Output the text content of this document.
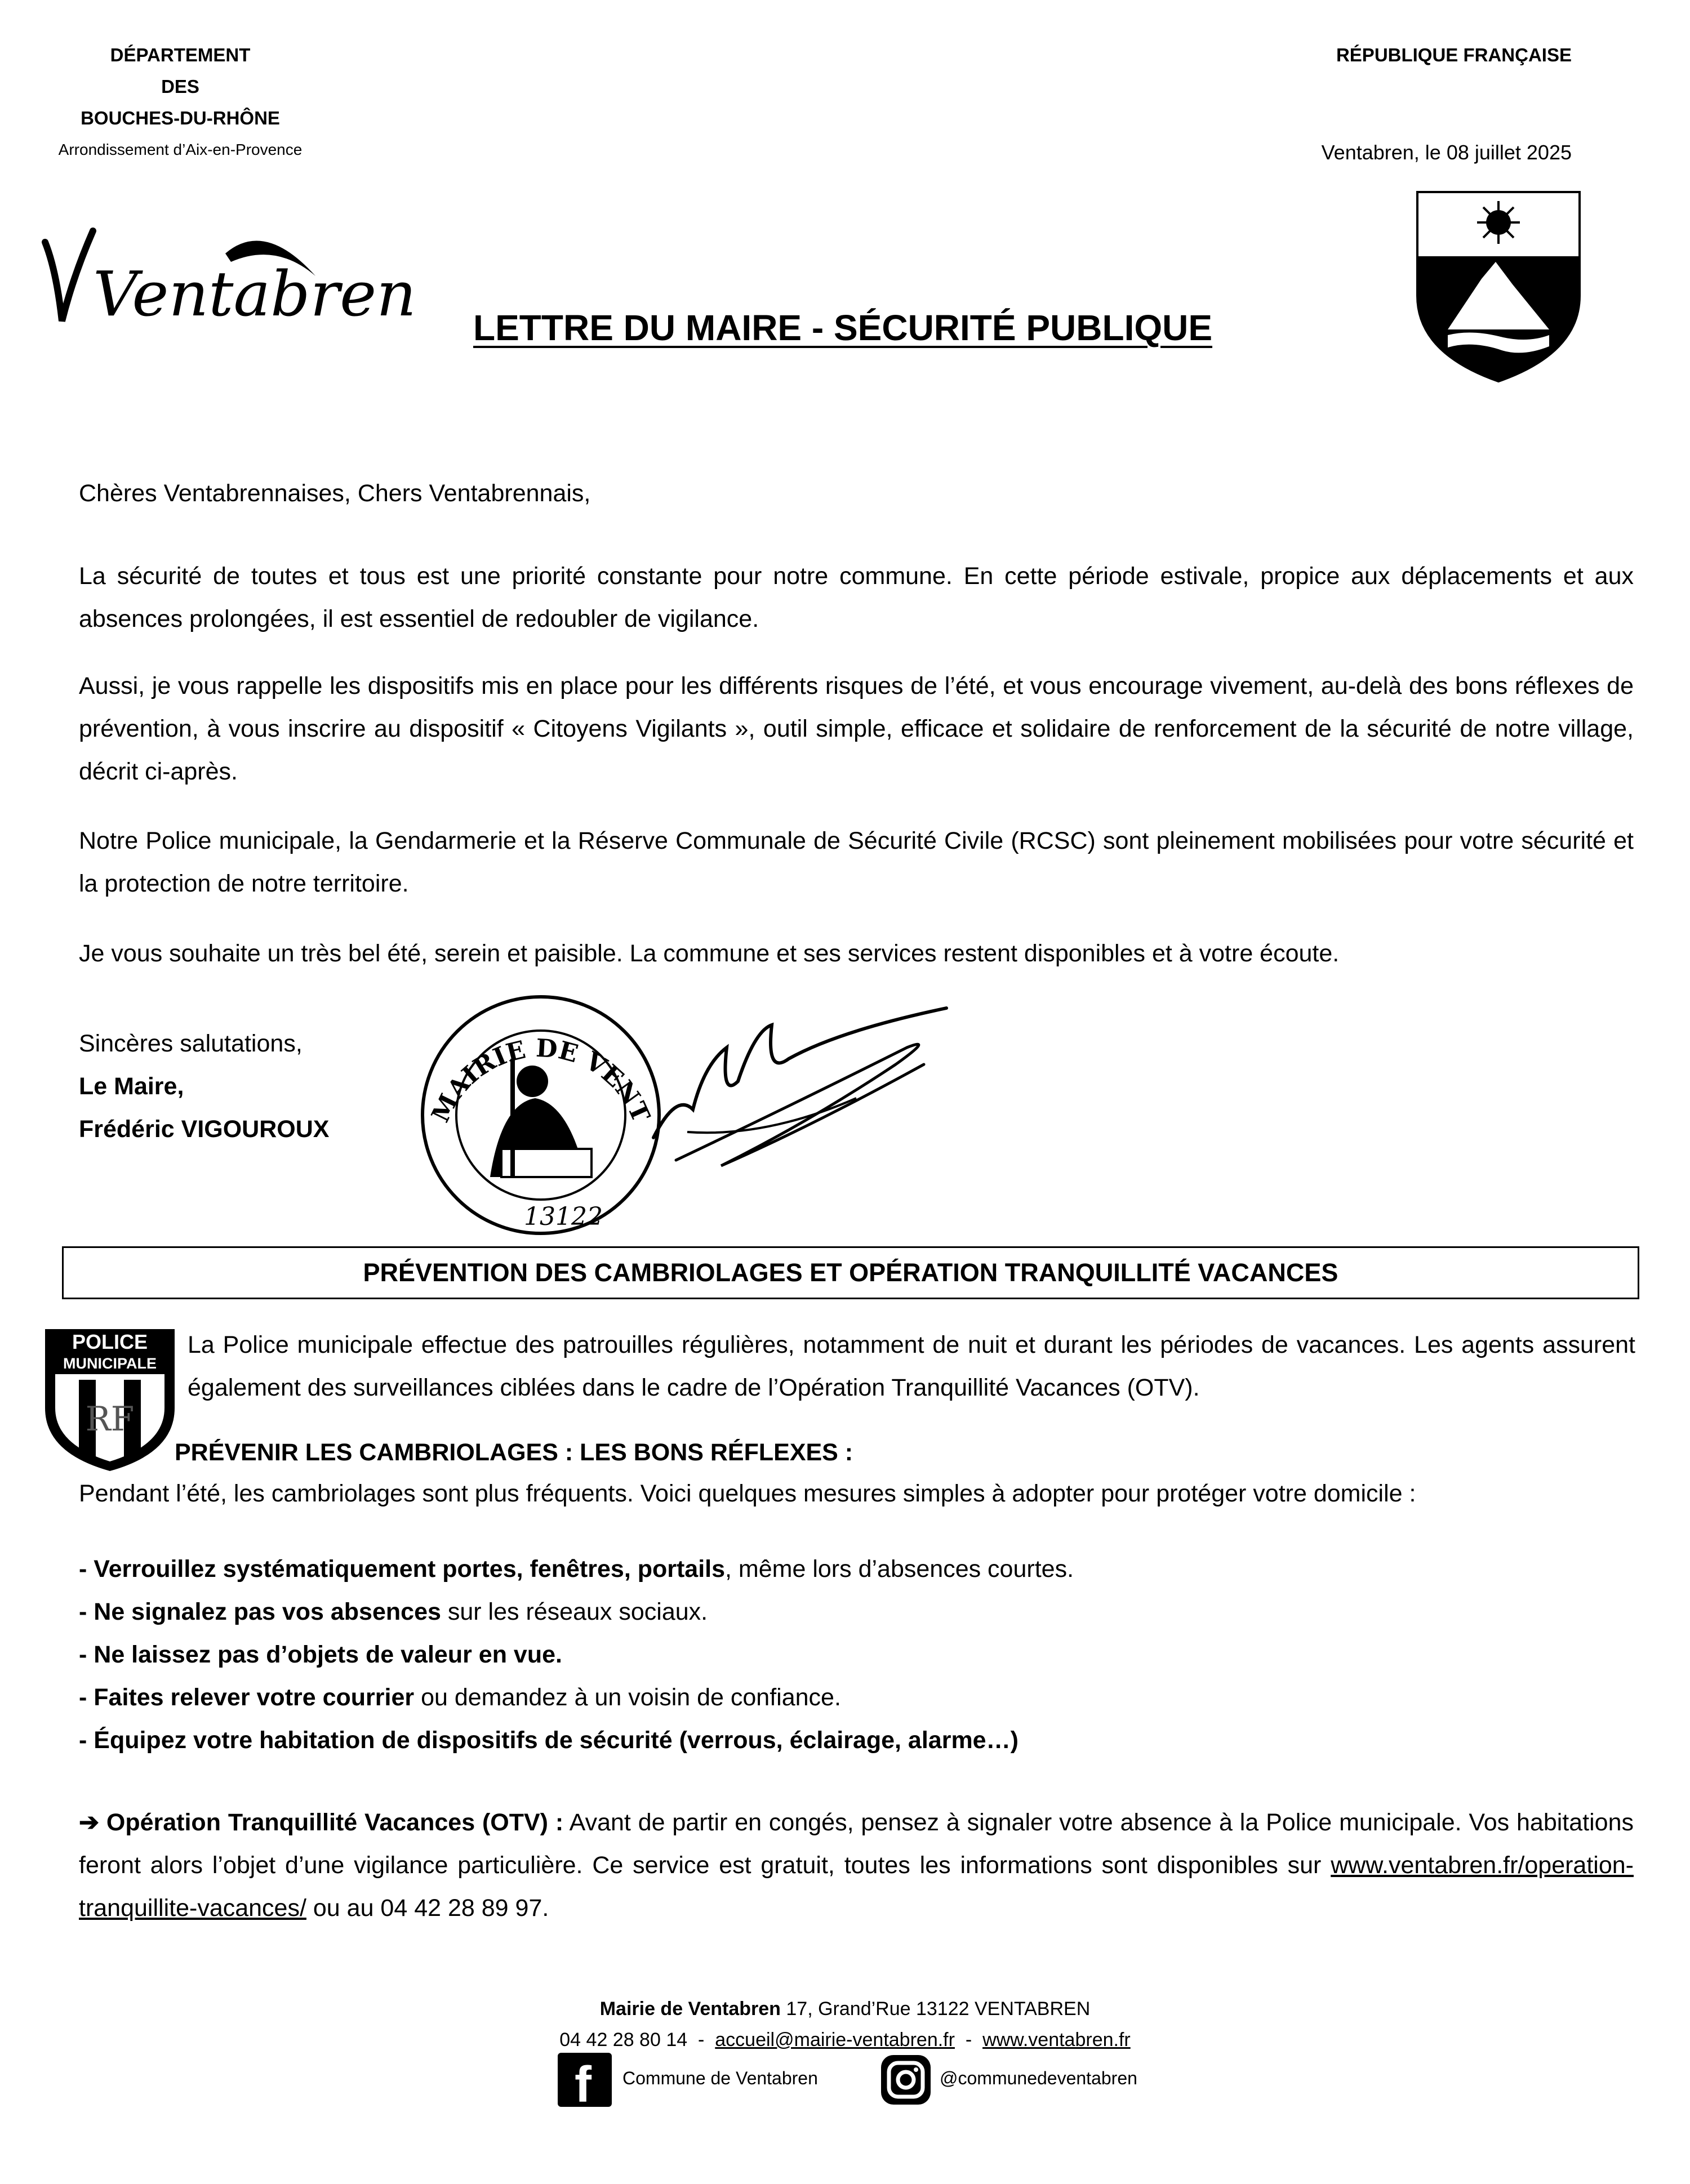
DÉPARTEMENT
DES
BOUCHES-DU-RHÔNE
Arrondissement d’Aix-en-Provence
RÉPUBLIQUE FRANÇAISE
Ventabren, le 08 juillet 2025
Ventabren LETTRE DU MAIRE - SÉCURITÉ PUBLIQUE
Chères Ventabrennaises, Chers Ventabrennais,
La sécurité de toutes et tous est une priorité constante pour notre commune. En cette période estivale, propice aux déplacements et aux absences prolongées, il est essentiel de redoubler de vigilance.
Aussi, je vous rappelle les dispositifs mis en place pour les différents risques de l’été, et vous encourage vivement, au-delà des bons réflexes de prévention, à vous inscrire au dispositif « Citoyens Vigilants », outil simple, efficace et solidaire de renforcement de la sécurité de notre village, décrit ci-après.
Notre Police municipale, la Gendarmerie et la Réserve Communale de Sécurité Civile (RCSC) sont pleinement mobilisées pour votre sécurité et la protection de notre territoire.
Je vous souhaite un très bel été, serein et paisible. La commune et ses services restent disponibles et à votre écoute.
Sincères salutations,
Le Maire,
Frédéric VIGOUROUX
MAIRIE DE VENT
13122
PRÉVENTION DES CAMBRIOLAGES ET OPÉRATION TRANQUILLITÉ VACANCES
POLICE
MUNICIPALE
RF
La Police municipale effectue des patrouilles régulières, notamment de nuit et durant les périodes de vacances. Les agents assurent également des surveillances ciblées dans le cadre de l’Opération Tranquillité Vacances (OTV).
PRÉVENIR LES CAMBRIOLAGES : LES BONS RÉFLEXES :
Pendant l’été, les cambriolages sont plus fréquents. Voici quelques mesures simples à adopter pour protéger votre domicile :
- Verrouillez systématiquement portes, fenêtres, portails, même lors d’absences courtes.
- Ne signalez pas vos absences sur les réseaux sociaux.
- Ne laissez pas d’objets de valeur en vue.
- Faites relever votre courrier ou demandez à un voisin de confiance.
- Équipez votre habitation de dispositifs de sécurité (verrous, éclairage, alarme…)
➔ Opération Tranquillité Vacances (OTV) : Avant de partir en congés, pensez à signaler votre absence à la Police municipale. Vos habitations feront alors l’objet d’une vigilance particulière. Ce service est gratuit, toutes les informations sont disponibles sur www.ventabren.fr/operation-tranquillite-vacances/ ou au 04 42 28 89 97.
Mairie de Ventabren 17, Grand’Rue 13122 VENTABREN
04 42 28 80 14  -  accueil@mairie-ventabren.fr  -  www.ventabren.fr
f Commune de Ventabren	@communedeventabren
